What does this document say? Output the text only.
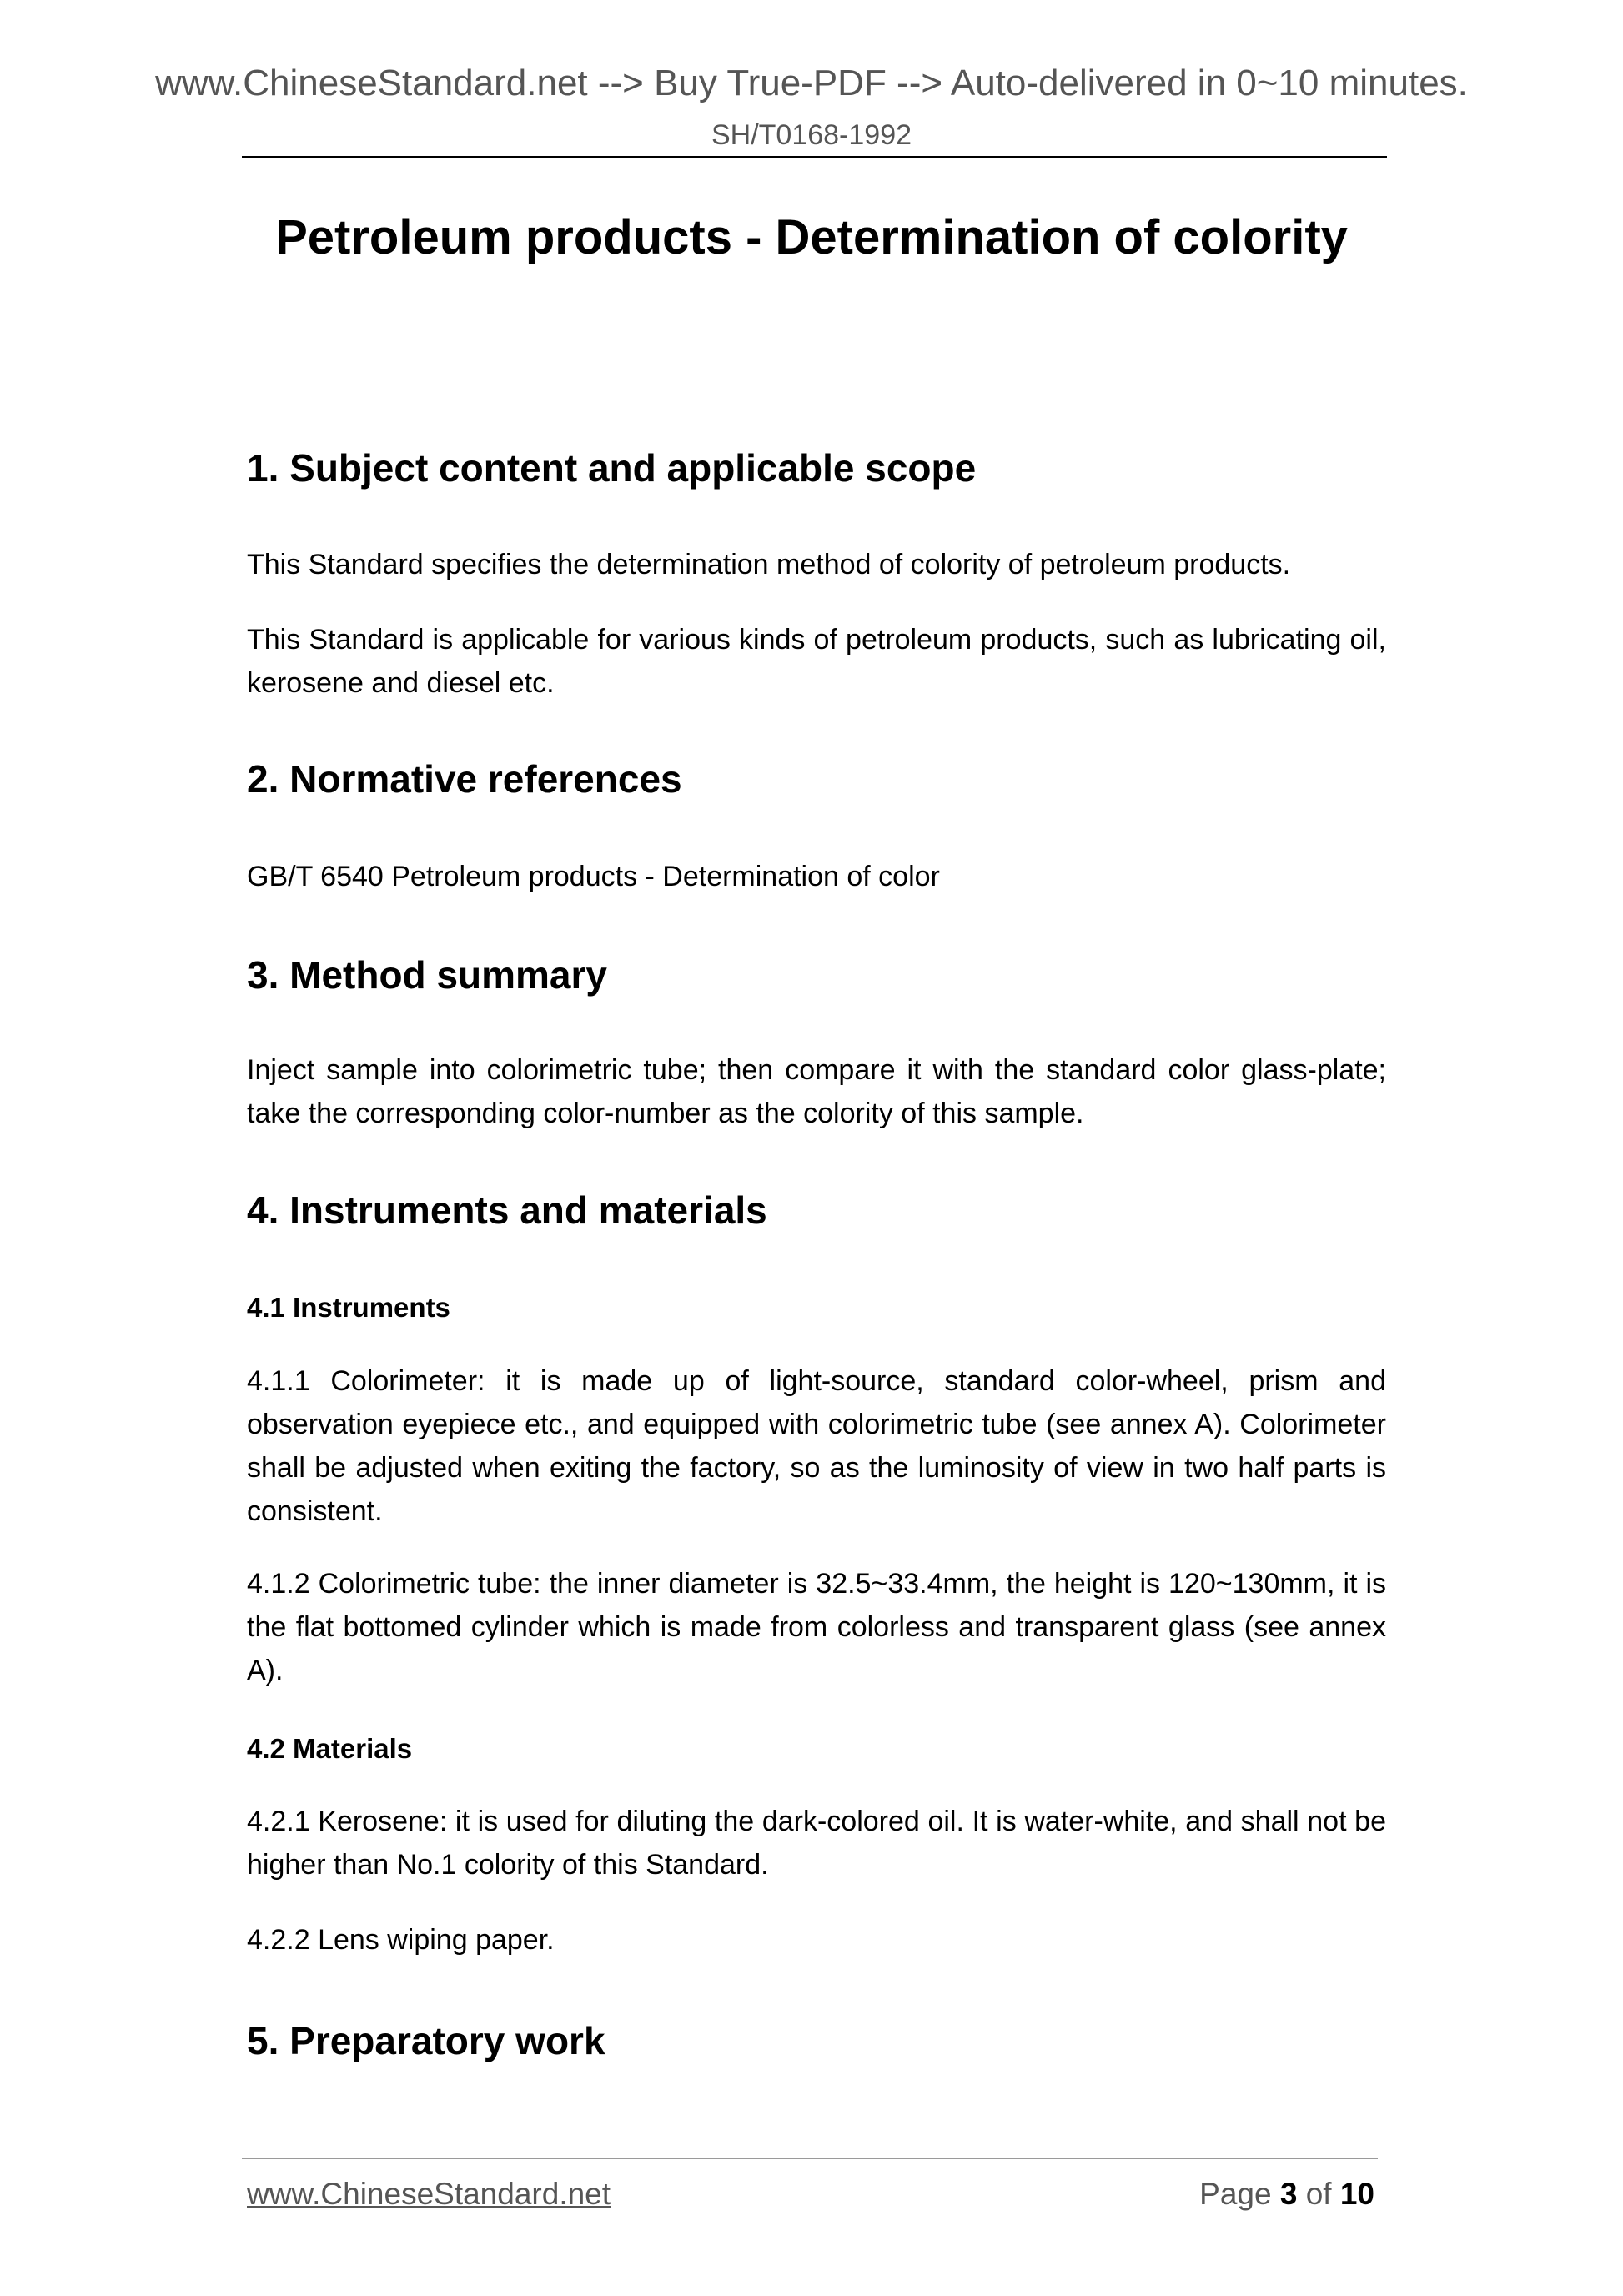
www.ChineseStandard.net --> Buy True-PDF --> Auto-delivered in 0~10 minutes.
SH/T0168-1992
Petroleum products - Determination of colority
1. Subject content and applicable scope
This Standard specifies the determination method of colority of petroleum products.
This Standard is applicable for various kinds of petroleum products, such as lubricating oil, kerosene and diesel etc.
2. Normative references
GB/T 6540 Petroleum products - Determination of color
3. Method summary
Inject sample into colorimetric tube; then compare it with the standard color glass-plate; take the corresponding color-number as the colority of this sample.
4. Instruments and materials
4.1 Instruments
4.1.1 Colorimeter: it is made up of light-source, standard color-wheel, prism and observation eyepiece etc., and equipped with colorimetric tube (see annex A). Colorimeter shall be adjusted when exiting the factory, so as the luminosity of view in two half parts is consistent.
4.1.2 Colorimetric tube: the inner diameter is 32.5~33.4mm, the height is 120~130mm, it is the flat bottomed cylinder which is made from colorless and transparent glass (see annex A).
4.2 Materials
4.2.1 Kerosene: it is used for diluting the dark-colored oil. It is water-white, and shall not be higher than No.1 colority of this Standard.
4.2.2 Lens wiping paper.
5. Preparatory work
www.ChineseStandard.net	Page 3 of 10
